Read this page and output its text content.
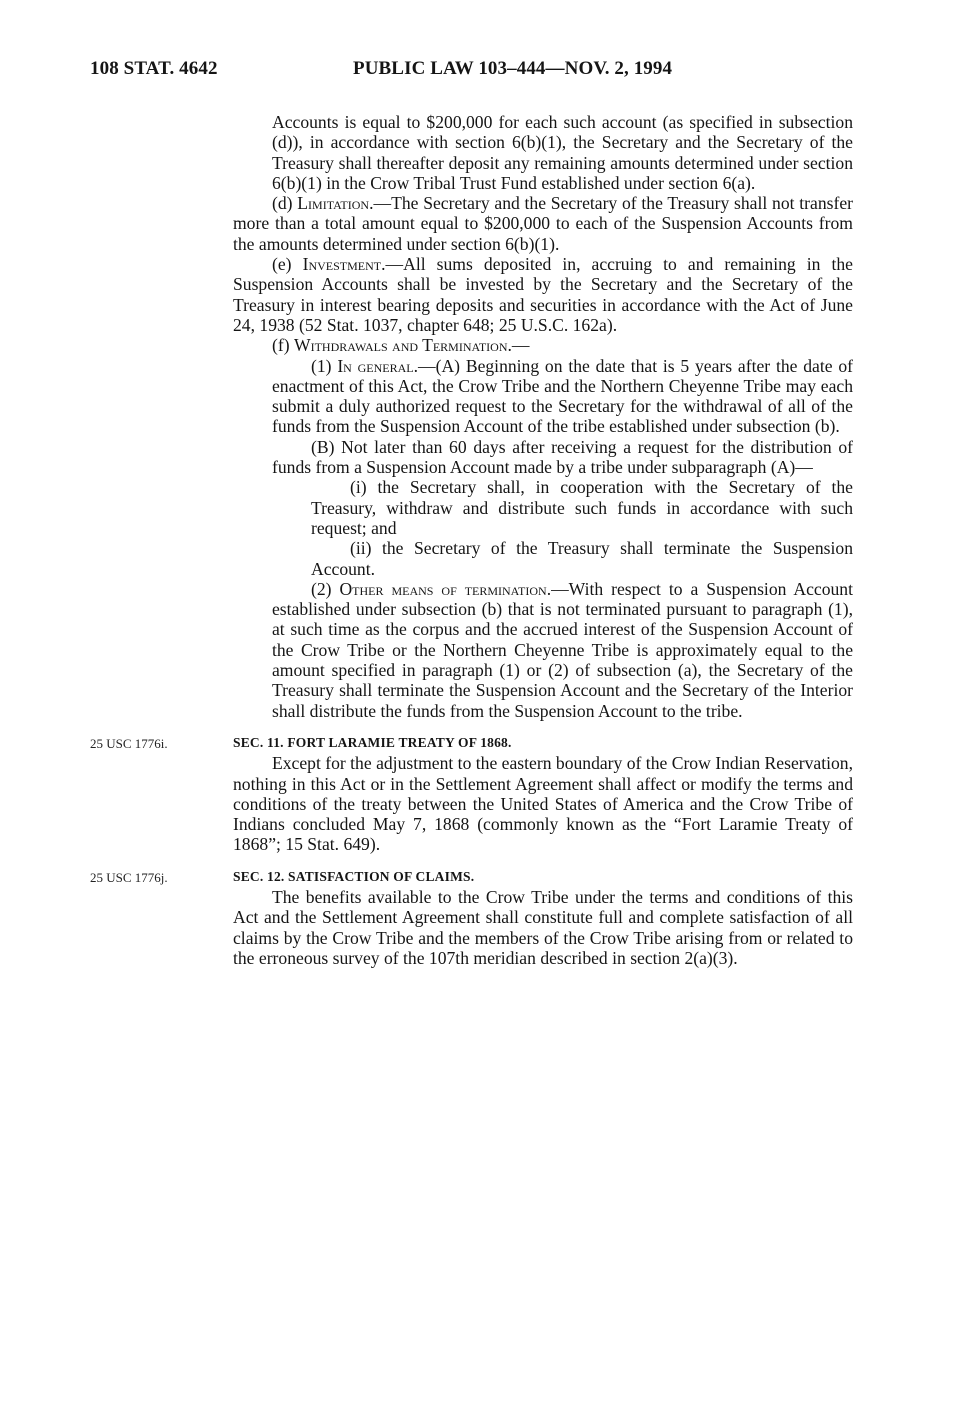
108 STAT. 4642	PUBLIC LAW 103–444—NOV. 2, 1994

Accounts is equal to $200,000 for each such account (as specified in subsection (d)), in accordance with section 6(b)(1), the Secretary and the Secretary of the Treasury shall thereafter deposit any remaining amounts determined under section 6(b)(1) in the Crow Tribal Trust Fund established under section 6(a).

(d) Limitation.—The Secretary and the Secretary of the Treasury shall not transfer more than a total amount equal to $200,000 to each of the Suspension Accounts from the amounts determined under section 6(b)(1).

(e) Investment.—All sums deposited in, accruing to and remaining in the Suspension Accounts shall be invested by the Secretary and the Secretary of the Treasury in interest bearing deposits and securities in accordance with the Act of June 24, 1938 (52 Stat. 1037, chapter 648; 25 U.S.C. 162a).

(f) Withdrawals and Termination.—

(1) In general.—(A) Beginning on the date that is 5 years after the date of enactment of this Act, the Crow Tribe and the Northern Cheyenne Tribe may each submit a duly authorized request to the Secretary for the withdrawal of all of the funds from the Suspension Account of the tribe established under subsection (b).

(B) Not later than 60 days after receiving a request for the distribution of funds from a Suspension Account made by a tribe under subparagraph (A)—

(i) the Secretary shall, in cooperation with the Secretary of the Treasury, withdraw and distribute such funds in accordance with such request; and

(ii) the Secretary of the Treasury shall terminate the Suspension Account.

(2) Other means of termination.—With respect to a Suspension Account established under subsection (b) that is not terminated pursuant to paragraph (1), at such time as the corpus and the accrued interest of the Suspension Account of the Crow Tribe or the Northern Cheyenne Tribe is approximately equal to the amount specified in paragraph (1) or (2) of subsection (a), the Secretary of the Treasury shall terminate the Suspension Account and the Secretary of the Interior shall distribute the funds from the Suspension Account to the tribe.

25 USC 1776i.	SEC. 11. FORT LARAMIE TREATY OF 1868.

Except for the adjustment to the eastern boundary of the Crow Indian Reservation, nothing in this Act or in the Settlement Agreement shall affect or modify the terms and conditions of the treaty between the United States of America and the Crow Tribe of Indians concluded May 7, 1868 (commonly known as the “Fort Laramie Treaty of 1868”; 15 Stat. 649).

25 USC 1776j.	SEC. 12. SATISFACTION OF CLAIMS.

The benefits available to the Crow Tribe under the terms and conditions of this Act and the Settlement Agreement shall constitute full and complete satisfaction of all claims by the Crow Tribe and the members of the Crow Tribe arising from or related to the erroneous survey of the 107th meridian described in section 2(a)(3).
